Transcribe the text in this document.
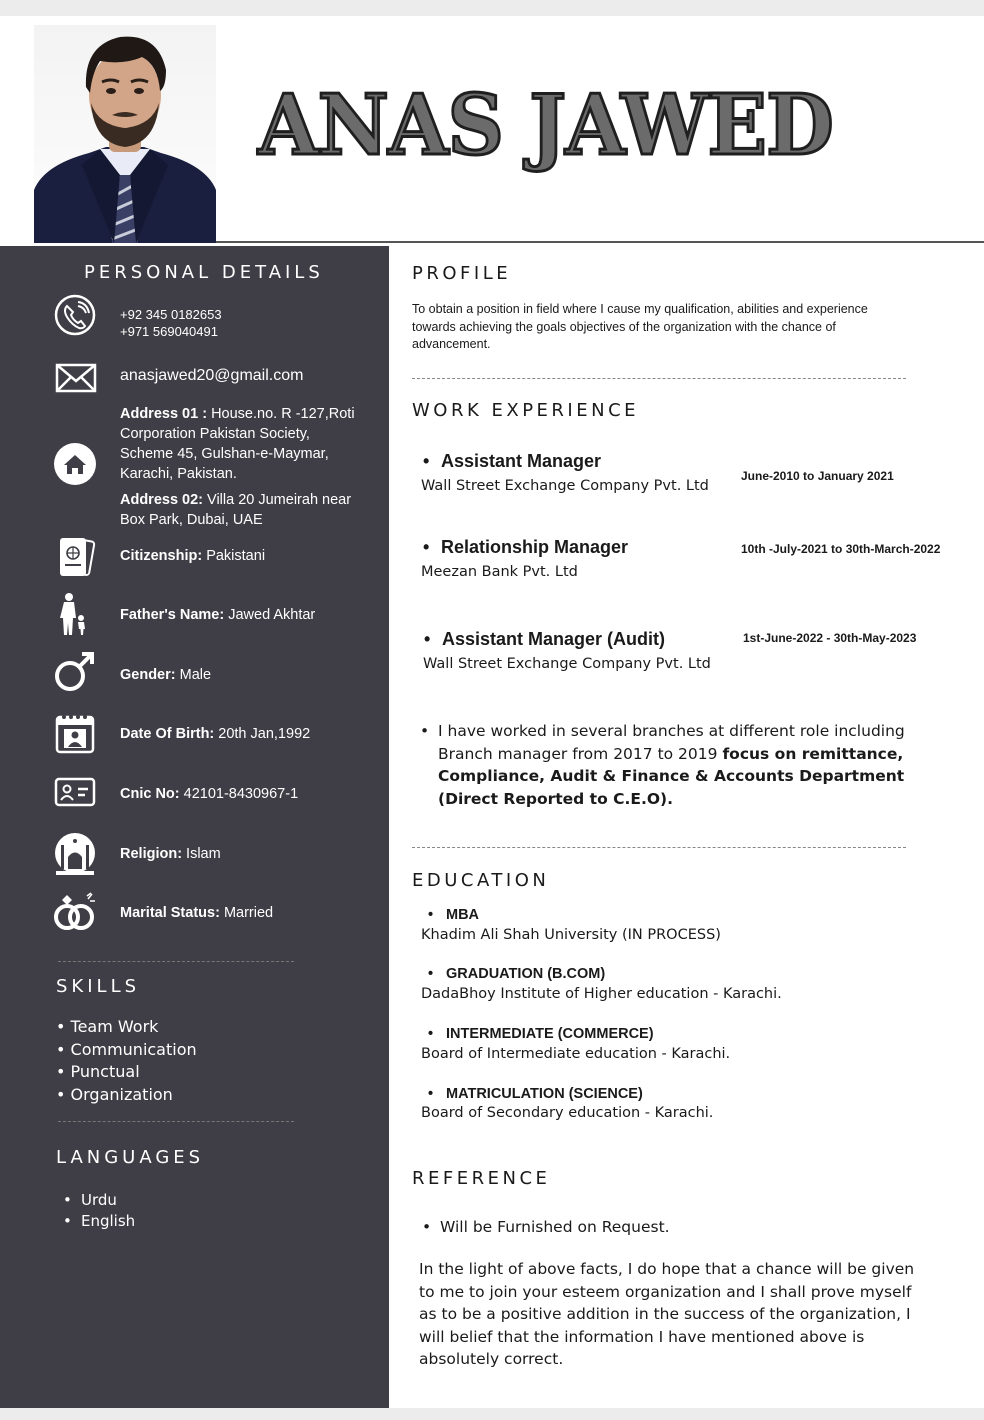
ANAS JAWED
PERSONAL DETAILS
+92 345 0182653
+971 569040491
anasjawed20@gmail.com
Address 01 : House.no. R -127,Roti Corporation Pakistan Society, Scheme 45, Gulshan-e-Maymar, Karachi, Pakistan.
Address 02: Villa 20 Jumeirah near Box Park, Dubai, UAE
Citizenship: Pakistani
Father's Name: Jawed Akhtar
Gender: Male
Date Of Birth: 20th Jan,1992
Cnic No: 42101-8430967-1
Religion: Islam
Marital Status: Married
SKILLS
• Team Work
• Communication
• Punctual
• Organization
LANGUAGES
• Urdu
• English
PROFILE
To obtain a position in field where I cause my qualification, abilities and experience towards achieving the goals objectives of the organization with the chance of advancement.
WORK EXPERIENCE
• Assistant Manager
Wall Street Exchange Company Pvt. Ltd
June-2010 to January 2021
• Relationship Manager
Meezan Bank Pvt. Ltd
10th -July-2021 to 30th-March-2022
• Assistant Manager (Audit)
Wall Street Exchange Company Pvt. Ltd
1st-June-2022 - 30th-May-2023
• I have worked in several branches at different role including Branch manager from 2017 to 2019 focus on remittance, Compliance, Audit & Finance & Accounts Department (Direct Reported to C.E.O).
EDUCATION
• MBA
Khadim Ali Shah University (IN PROCESS)
• GRADUATION (B.COM)
DadaBhoy Institute of Higher education - Karachi.
• INTERMEDIATE (COMMERCE)
Board of Intermediate education - Karachi.
• MATRICULATION (SCIENCE)
Board of Secondary education - Karachi.
REFERENCE
• Will be Furnished on Request.
In the light of above facts, I do hope that a chance will be given to me to join your esteem organization and I shall prove myself as to be a positive addition in the success of the organization, I will belief that the information I have mentioned above is absolutely correct.
